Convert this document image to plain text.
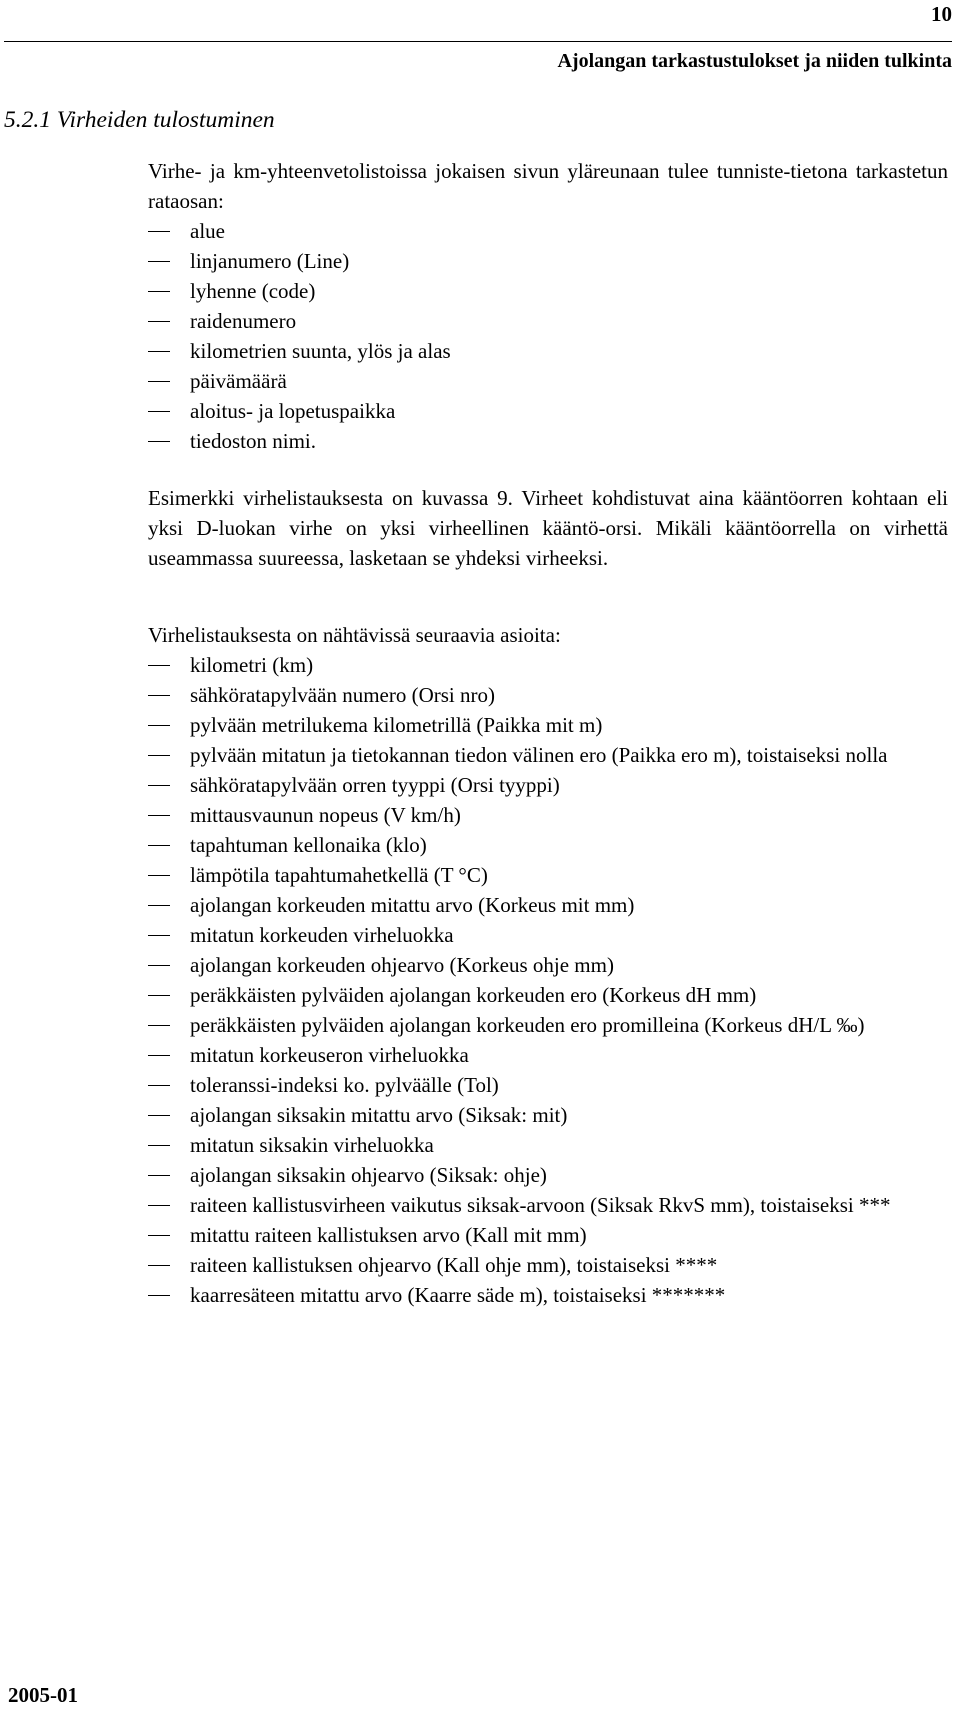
10
Ajolangan tarkastustulokset ja niiden tulkinta
5.2.1 Virheiden tulostuminen

Virhe- ja km-yhteenvetolistoissa jokaisen sivun yläreunaan tulee tunniste-tietona tarkastetun rataosan:

alue
linjanumero (Line)
lyhenne (code)
raidenumero
kilometrien suunta, ylös ja alas
päivämäärä
aloitus- ja lopetuspaikka
tiedoston nimi.

Esimerkki virhelistauksesta on kuvassa 9. Virheet kohdistuvat aina kääntöorren kohtaan eli yksi D-luokan virhe on yksi virheellinen kääntö-orsi. Mikäli kääntöorrella on virhettä useammassa suureessa, lasketaan se yhdeksi virheeksi.

Virhelistauksesta on nähtävissä seuraavia asioita:

kilometri (km)
sähköratapylvään numero (Orsi nro)
pylvään metrilukema kilometrillä (Paikka mit m)
pylvään mitatun ja tietokannan tiedon välinen ero (Paikka ero m), toistaiseksi nolla
sähköratapylvään orren tyyppi (Orsi tyyppi)
mittausvaunun nopeus (V km/h)
tapahtuman kellonaika (klo)
lämpötila tapahtumahetkellä (T °C)
ajolangan korkeuden mitattu arvo (Korkeus mit mm)
mitatun korkeuden virheluokka
ajolangan korkeuden ohjearvo (Korkeus ohje mm)
peräkkäisten pylväiden ajolangan korkeuden ero (Korkeus dH mm)
peräkkäisten pylväiden ajolangan korkeuden ero promilleina (Korkeus dH/L ‰)
mitatun korkeuseron virheluokka
toleranssi-indeksi ko. pylväälle (Tol)
ajolangan siksakin mitattu arvo (Siksak: mit)
mitatun siksakin virheluokka
ajolangan siksakin ohjearvo (Siksak: ohje)
raiteen kallistusvirheen vaikutus siksak-arvoon (Siksak RkvS mm), toistaiseksi ***
mitattu raiteen kallistuksen arvo (Kall mit mm)
raiteen kallistuksen ohjearvo (Kall ohje mm), toistaiseksi ****
kaarresäteen mitattu arvo (Kaarre säde m), toistaiseksi *******
2005-01
